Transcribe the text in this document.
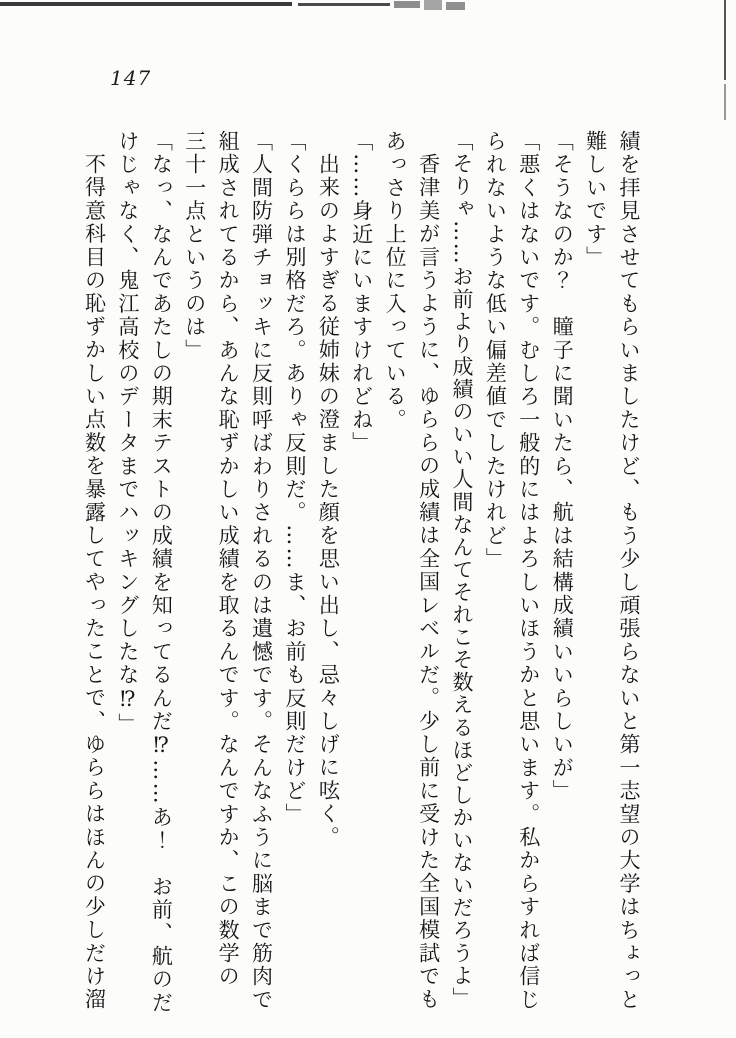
147

績を拝見させてもらいましたけど、もう少し頑張らないと第一志望の大学はちょっと

難しいです」

「そうなのか？　瞳子に聞いたら、航は結構成績いいらしいが」

「悪くはないです。むしろ一般的にはよろしいほうかと思います。私からすれば信じ

られないような低い偏差値でしたけれど」

「そりゃ……お前より成績のいい人間なんてそれこそ数えるほどしかいないだろうよ」

香津美が言うように、ゆららの成績は全国レベルだ。少し前に受けた全国模試でも

あっさり上位に入っている。

「……身近にいますけれどね」

出来のよすぎる従姉妹の澄ました顔を思い出し、忌々しげに呟く。

「くららは別格だろ。ありゃ反則だ。……ま、お前も反則だけど」

「人間防弾チョッキに反則呼ばわりされるのは遺憾です。そんなふうに脳まで筋肉で

組成されてるから、あんな恥ずかしい成績を取るんです。なんですか、この数学の

三十一点というのは」

「なっ、なんであたしの期末テストの成績を知ってるんだ⁉……あ！　お前、航のだ

けじゃなく、鬼江高校のデータまでハッキングしたな⁉」

不得意科目の恥ずかしい点数を暴露してやったことで、ゆららはほんの少しだけ溜
